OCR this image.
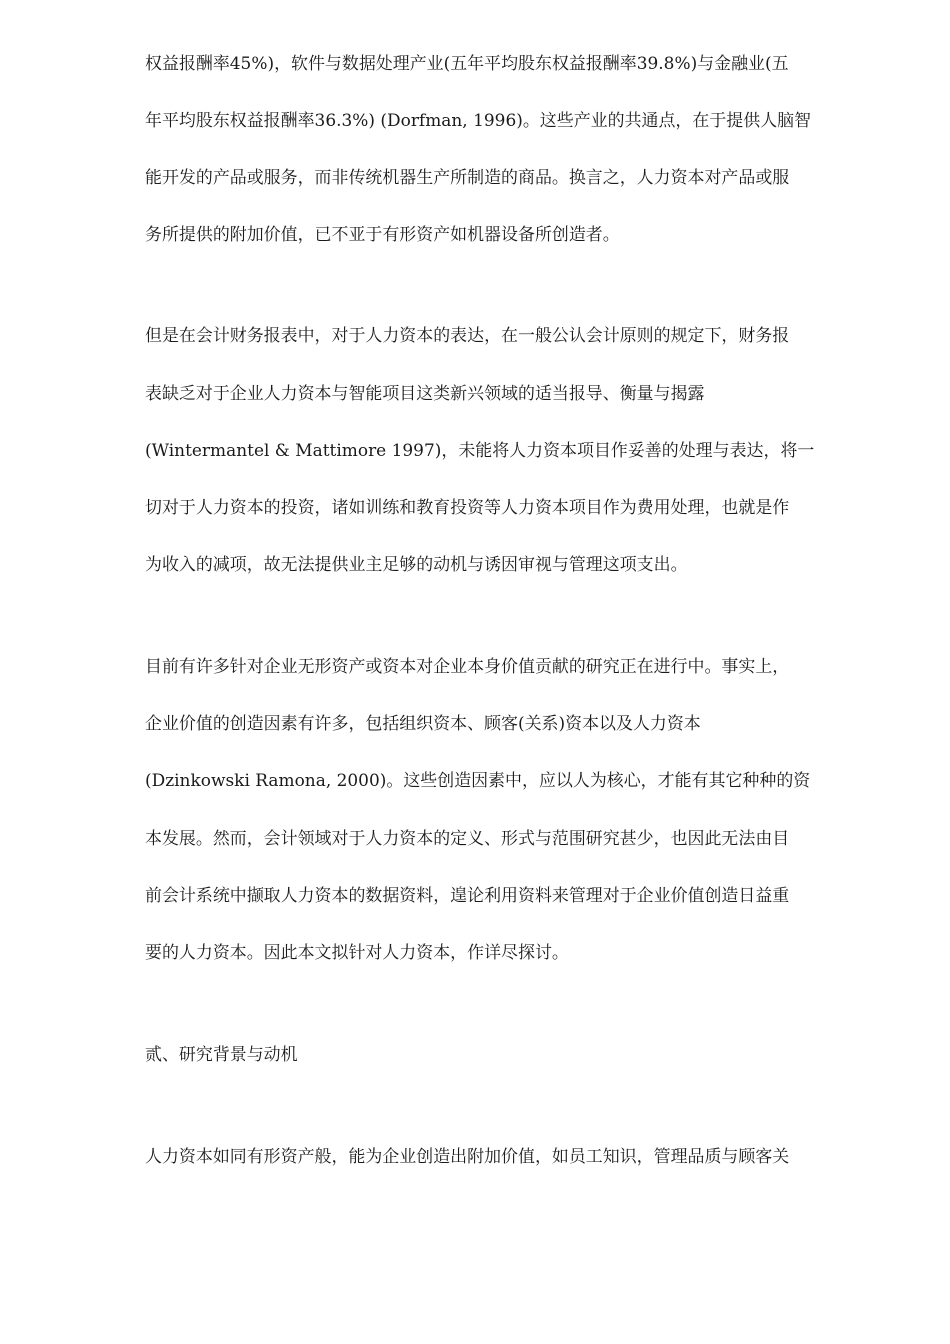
权益报酬率45%)，软件与数据处理产业(五年平均股东权益报酬率39.8%)与金融业(五
年平均股东权益报酬率36.3%) (Dorfman, 1996)。这些产业的共通点，在于提供人脑智
能开发的产品或服务，而非传统机器生产所制造的商品。换言之，人力资本对产品或服
务所提供的附加价值，已不亚于有形资产如机器设备所创造者。
但是在会计财务报表中，对于人力资本的表达，在一般公认会计原则的规定下，财务报
表缺乏对于企业人力资本与智能项目这类新兴领域的适当报导、衡量与揭露
(Wintermantel & Mattimore 1997)，未能将人力资本项目作妥善的处理与表达，将一
切对于人力资本的投资，诸如训练和教育投资等人力资本项目作为费用处理，也就是作
为收入的减项，故无法提供业主足够的动机与诱因审视与管理这项支出。
目前有许多针对企业无形资产或资本对企业本身价值贡献的研究正在进行中。事实上，
企业价值的创造因素有许多，包括组织资本、顾客(关系)资本以及人力资本
(Dzinkowski Ramona, 2000)。这些创造因素中，应以人为核心，才能有其它种种的资
本发展。然而，会计领域对于人力资本的定义、形式与范围研究甚少，也因此无法由目
前会计系统中撷取人力资本的数据资料，遑论利用资料来管理对于企业价值创造日益重
要的人力资本。因此本文拟针对人力资本，作详尽探讨。
贰、研究背景与动机
人力资本如同有形资产般，能为企业创造出附加价值，如员工知识，管理品质与顾客关
